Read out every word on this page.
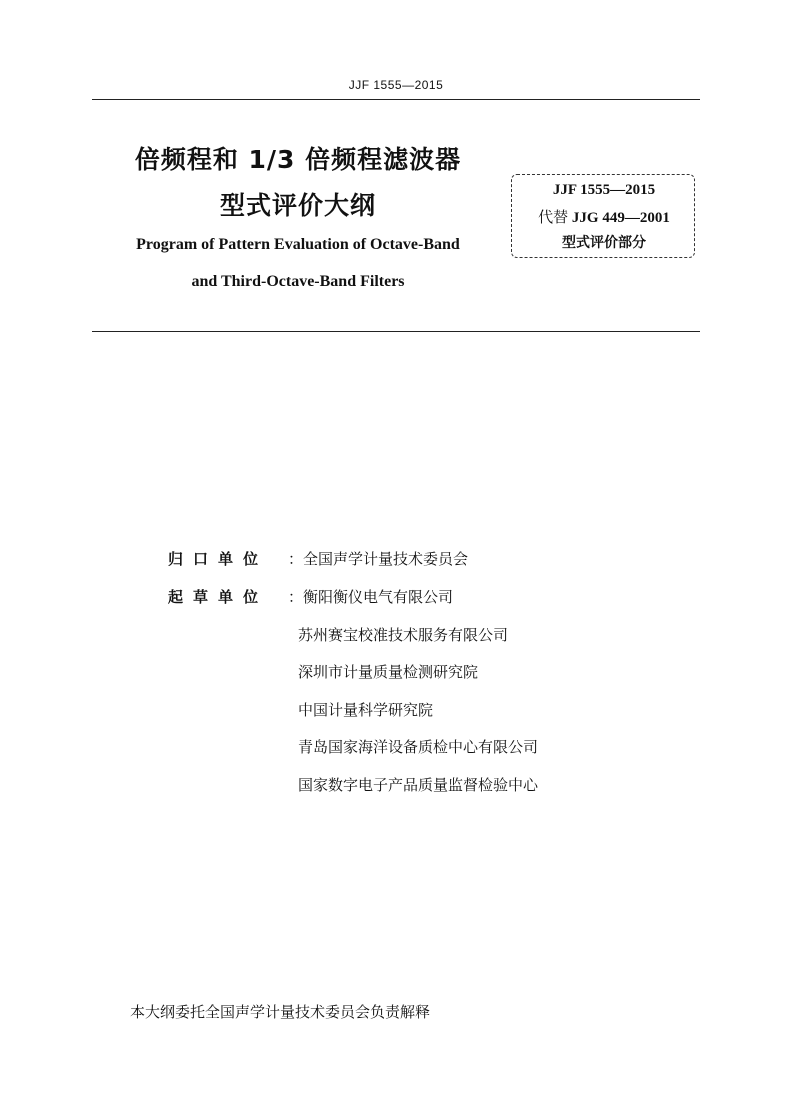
JJF 1555—2015
倍频程和 1/3 倍频程滤波器
型式评价大纲
Program of Pattern Evaluation of Octave-Band
and Third-Octave-Band Filters
JJF 1555—2015
代替 JJG 449—2001
型式评价部分
归口单位 ：全国声学计量技术委员会
起草单位 ：衡阳衡仪电气有限公司
苏州赛宝校准技术服务有限公司
深圳市计量质量检测研究院
中国计量科学研究院
青岛国家海洋设备质检中心有限公司
国家数字电子产品质量监督检验中心
本大纲委托全国声学计量技术委员会负责解释
